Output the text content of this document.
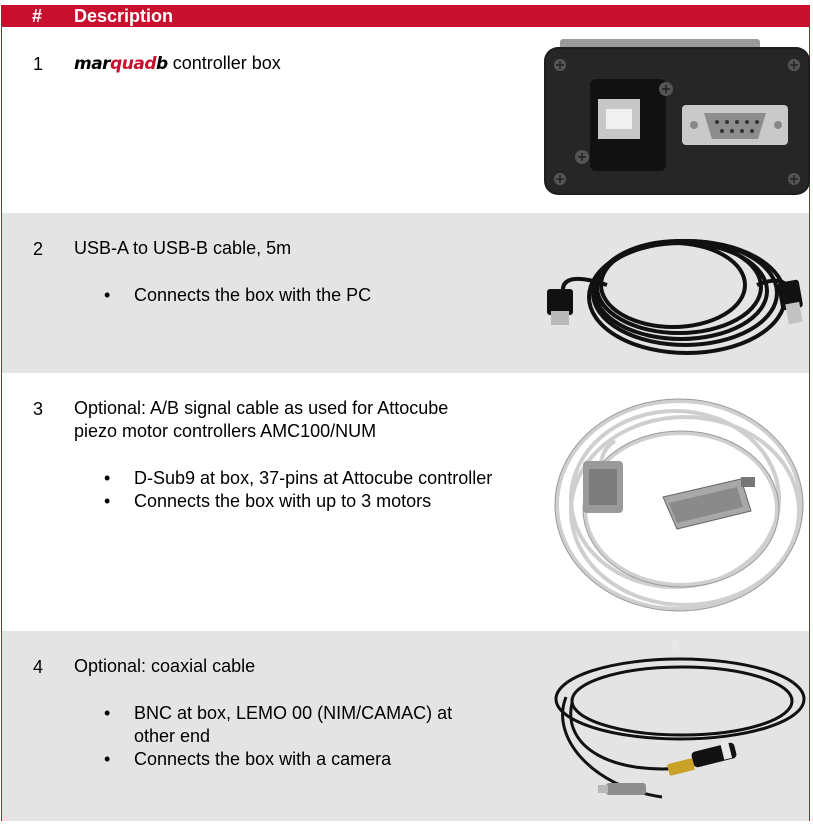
# Description
1 marquadb controller box
2 USB-A to USB-B cable, 5m
• Connects the box with the PC
3 Optional: A/B signal cable as used for Attocube
piezo motor controllers AMC100/NUM
• D-Sub9 at box, 37-pins at Attocube controller
• Connects the box with up to 3 motors
4 Optional: coaxial cable
• BNC at box, LEMO 00 (NIM/CAMAC) at other end
• Connects the box with a camera
